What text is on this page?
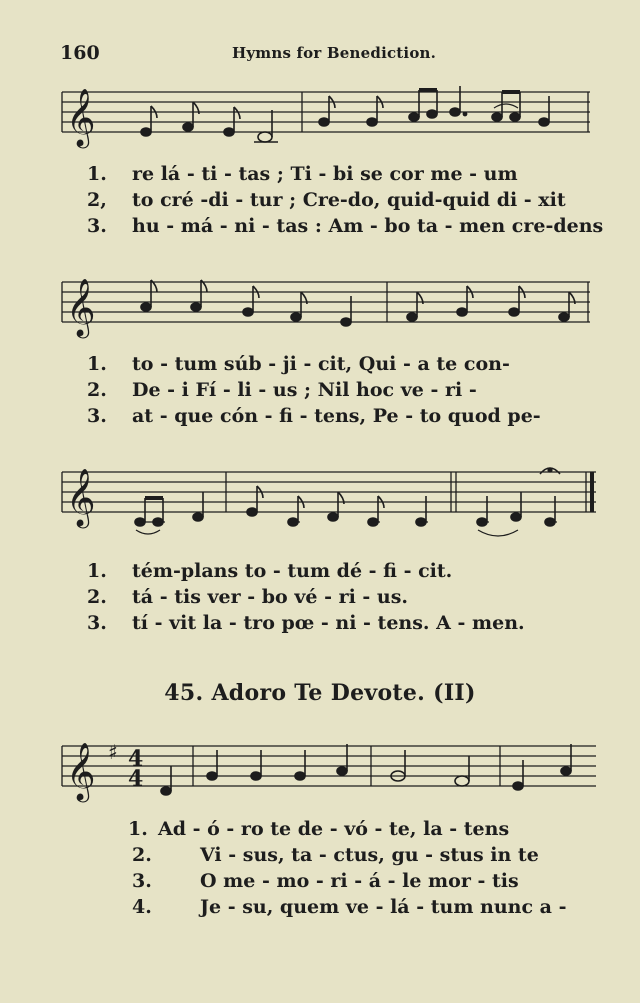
160	Hymns for Benediction.
𝄞
1. re lá - ti - tas ; Ti - bi se cor me - um
2, to cré -di - tur ; Cre-do, quid-quid di - xit
3. hu - má - ni - tas : Am - bo ta - men cre-dens
𝄞
1. to - tum súb - ji - cit, Qui - a te con-
2. De - i Fí - li - us ; Nil hoc ve - ri -
3. at - que cón - fi - tens, Pe - to quod pe-
𝄞
1. tém-plans to - tum dé - fi - cit.
2. tá - tis ver - bo vé - ri - us.
3. tí - vit la - tro pœ - ni - tens. A - men.
45. Adoro Te Devote. (II)
𝄞 ♯ 4
4
1. Ad - ó - ro te de - vó - te, la - tens
2.	Vi - sus, ta - ctus, gu - stus in te
3.	O me - mo - ri - á - le mor - tis
4.	Je - su, quem ve - lá - tum nunc a -
